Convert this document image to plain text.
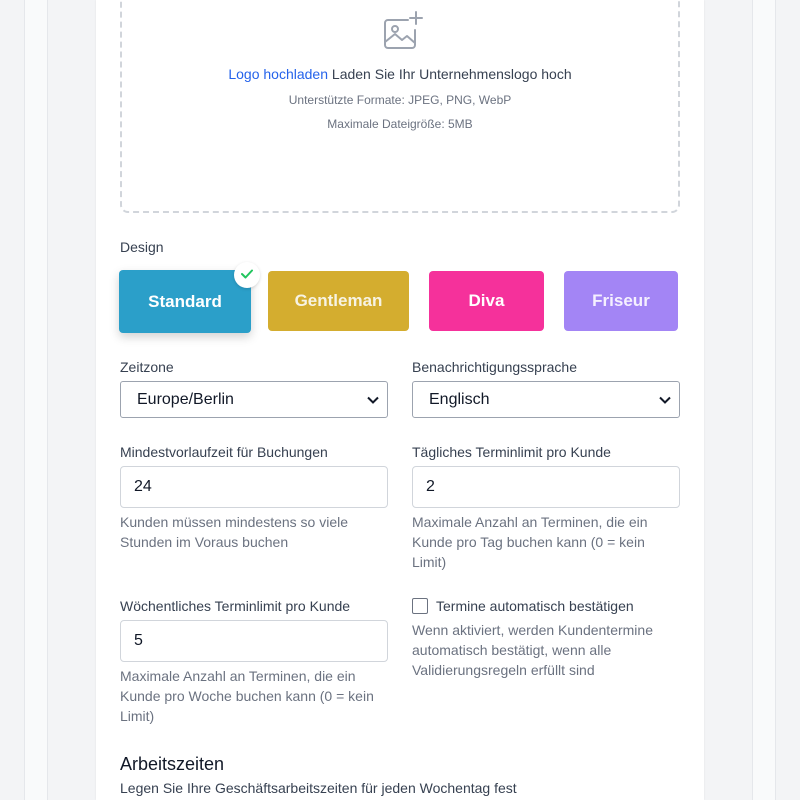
Logo hochladen Laden Sie Ihr Unternehmenslogo hoch
Unterstützte Formate: JPEG, PNG, WebP
Maximale Dateigröße: 5MB
Design
Standard	Gentleman	Diva	Friseur
Zeitzone
Europe/Berlin
Benachrichtigungssprache
Englisch
Mindestvorlaufzeit für Buchungen
24
Kunden müssen mindestens so viele Stunden im Voraus buchen
Tägliches Terminlimit pro Kunde
2
Maximale Anzahl an Terminen, die ein Kunde pro Tag buchen kann (0 = kein Limit)
Wöchentliches Terminlimit pro Kunde
5
Maximale Anzahl an Terminen, die ein Kunde pro Woche buchen kann (0 = kein Limit)
Termine automatisch bestätigen
Wenn aktiviert, werden Kundentermine automatisch bestätigt, wenn alle Validierungsregeln erfüllt sind
Arbeitszeiten
Legen Sie Ihre Geschäftsarbeitszeiten für jeden Wochentag fest
